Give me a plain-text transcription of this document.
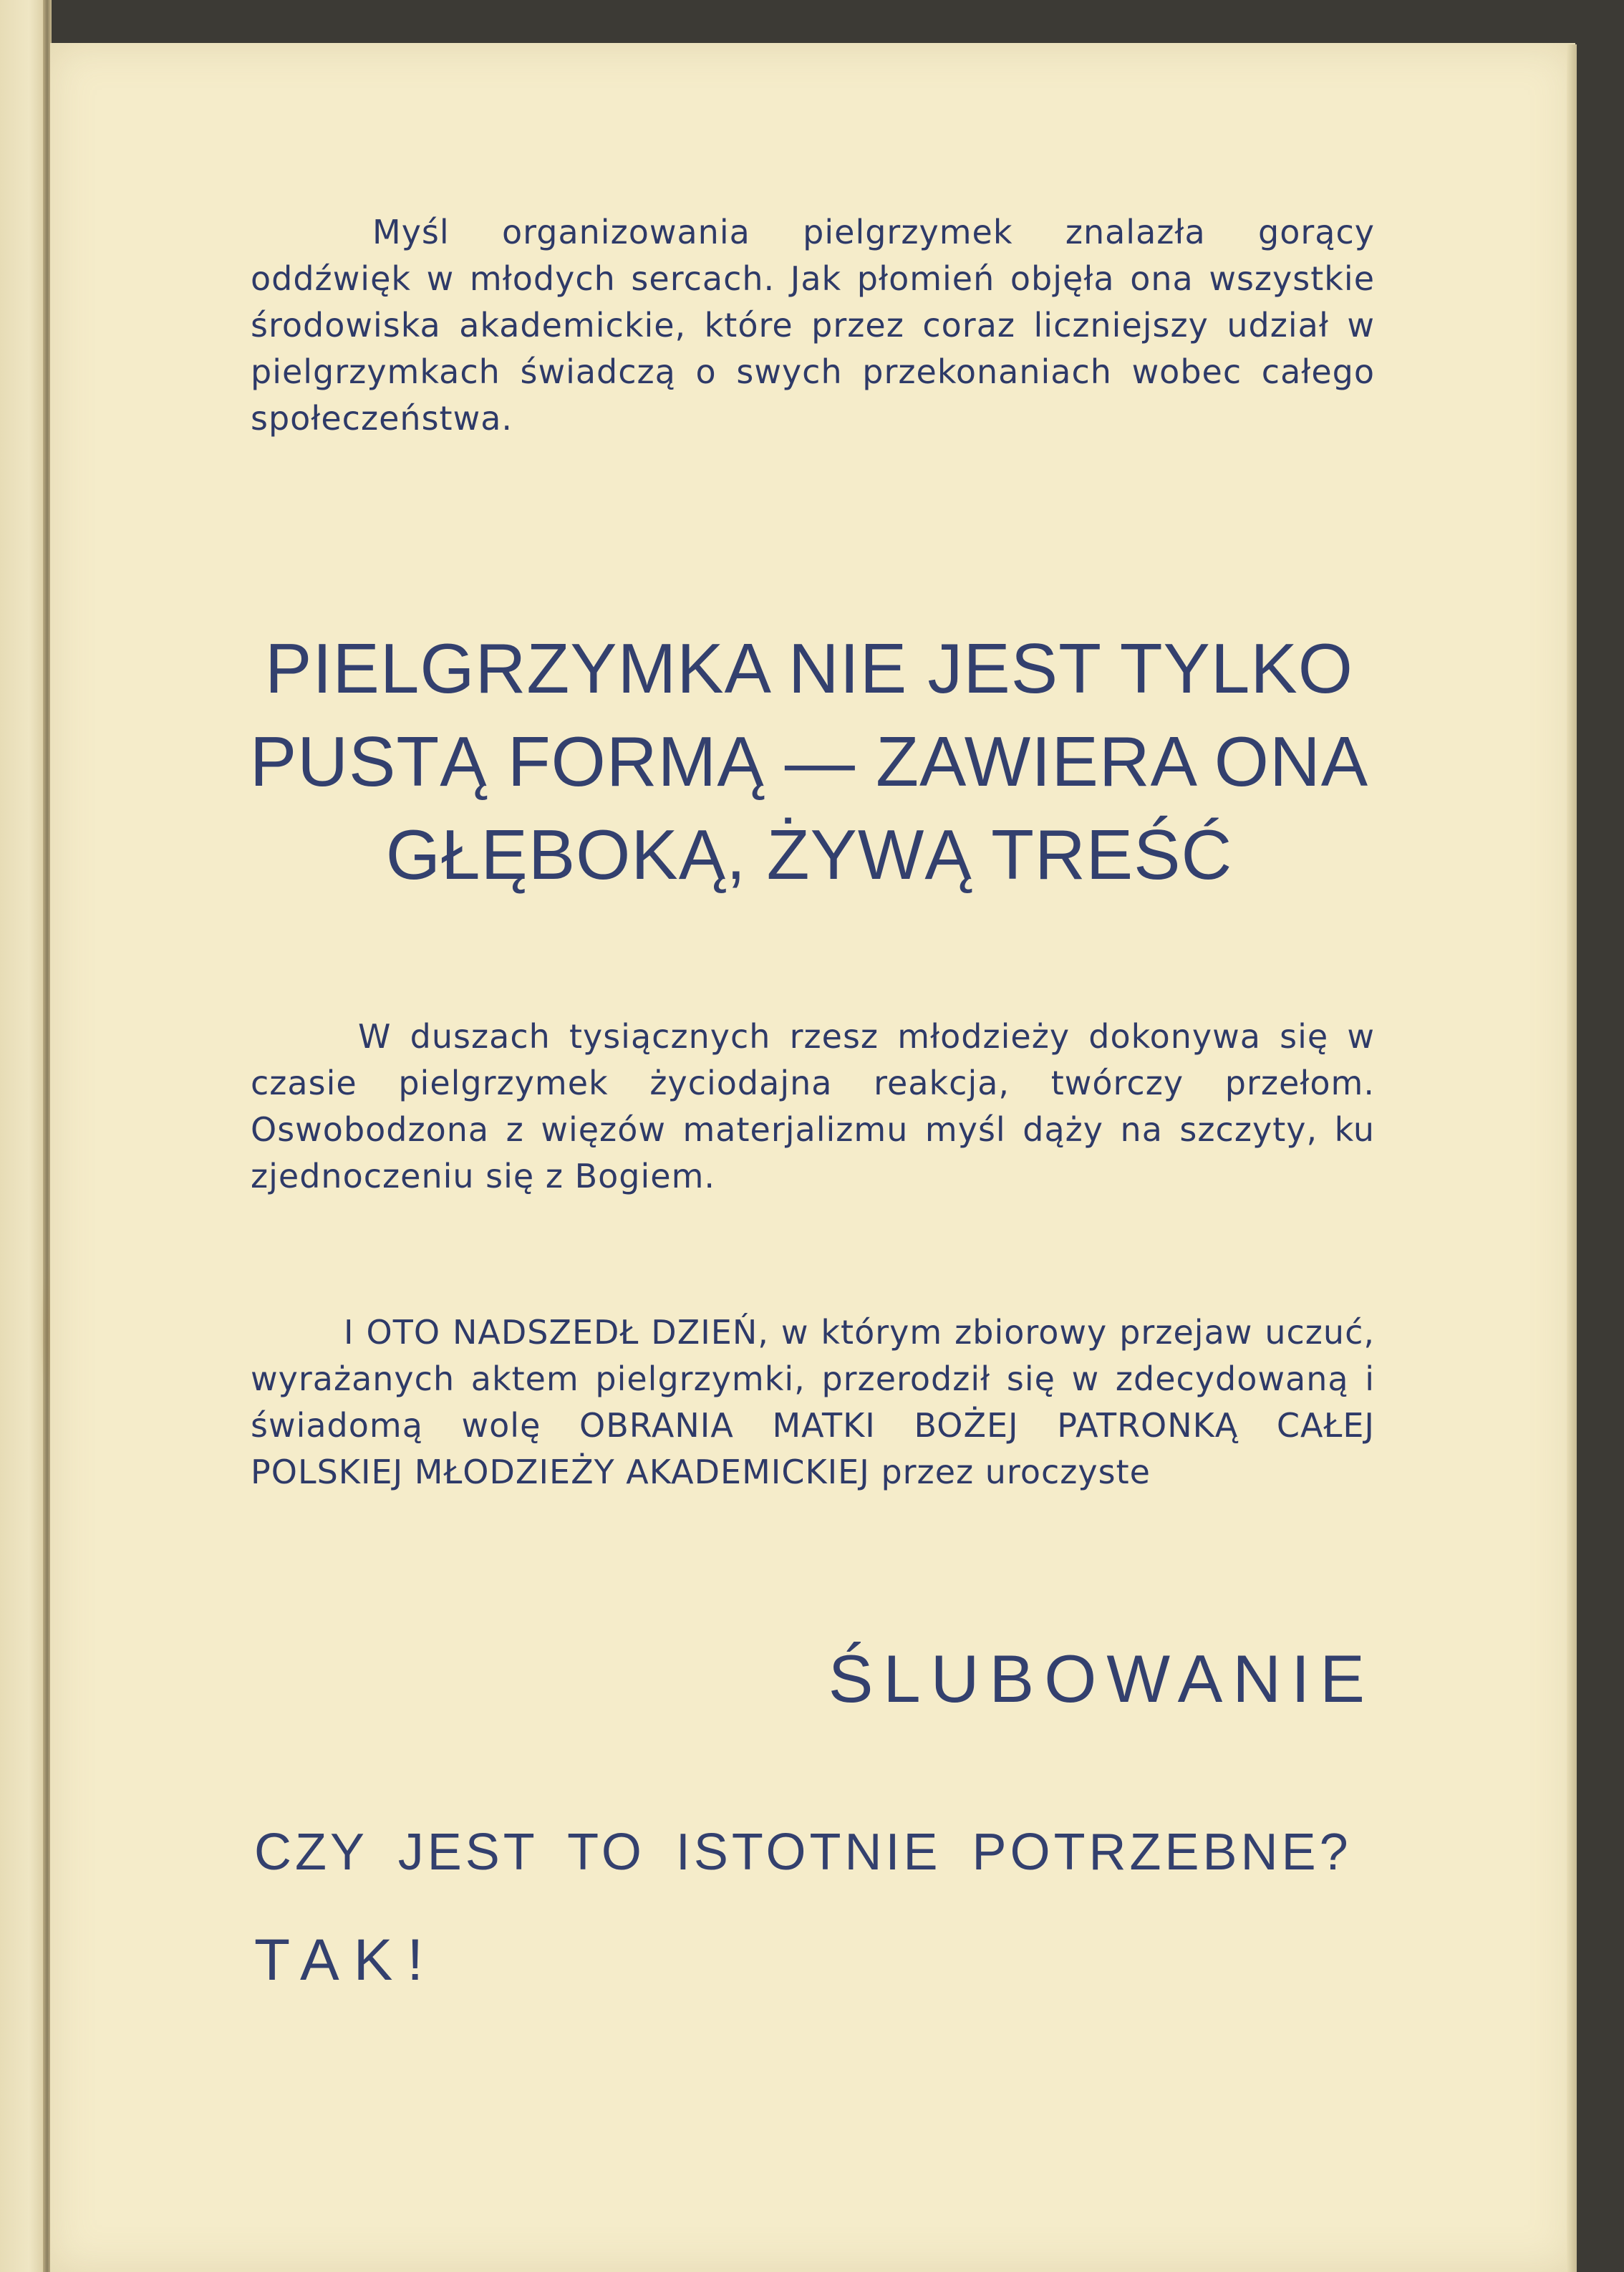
Myśl organizowania pielgrzymek znalazła gorący oddźwięk w młodych sercach. Jak płomień objęła ona wszystkie środowiska akademickie, które przez coraz liczniejszy udział w pielgrzymkach świadczą o swych przekonaniach wobec całego społeczeństwa.

PIELGRZYMKA NIE JEST TYLKO PUSTĄ FORMĄ — ZAWIERA ONA GŁĘBOKĄ, ŻYWĄ TREŚĆ

W duszach tysiącznych rzesz młodzieży dokonywa się w czasie pielgrzymek życiodajna reakcja, twórczy przełom. Oswobodzona z więzów materjalizmu myśl dąży na szczyty, ku zjednoczeniu się z Bogiem.

I OTO NADSZEDŁ DZIEŃ, w którym zbiorowy przejaw uczuć, wyrażanych aktem pielgrzymki, przerodził się w zdecydowaną i świadomą wolę OBRANIA MATKI BOŻEJ PATRONKĄ CAŁEJ POLSKIEJ MŁODZIEŻY AKADEMICKIEJ przez uroczyste

ŚLUBOWANIE

CZY JEST TO ISTOTNIE POTRZEBNE?

TAK!
